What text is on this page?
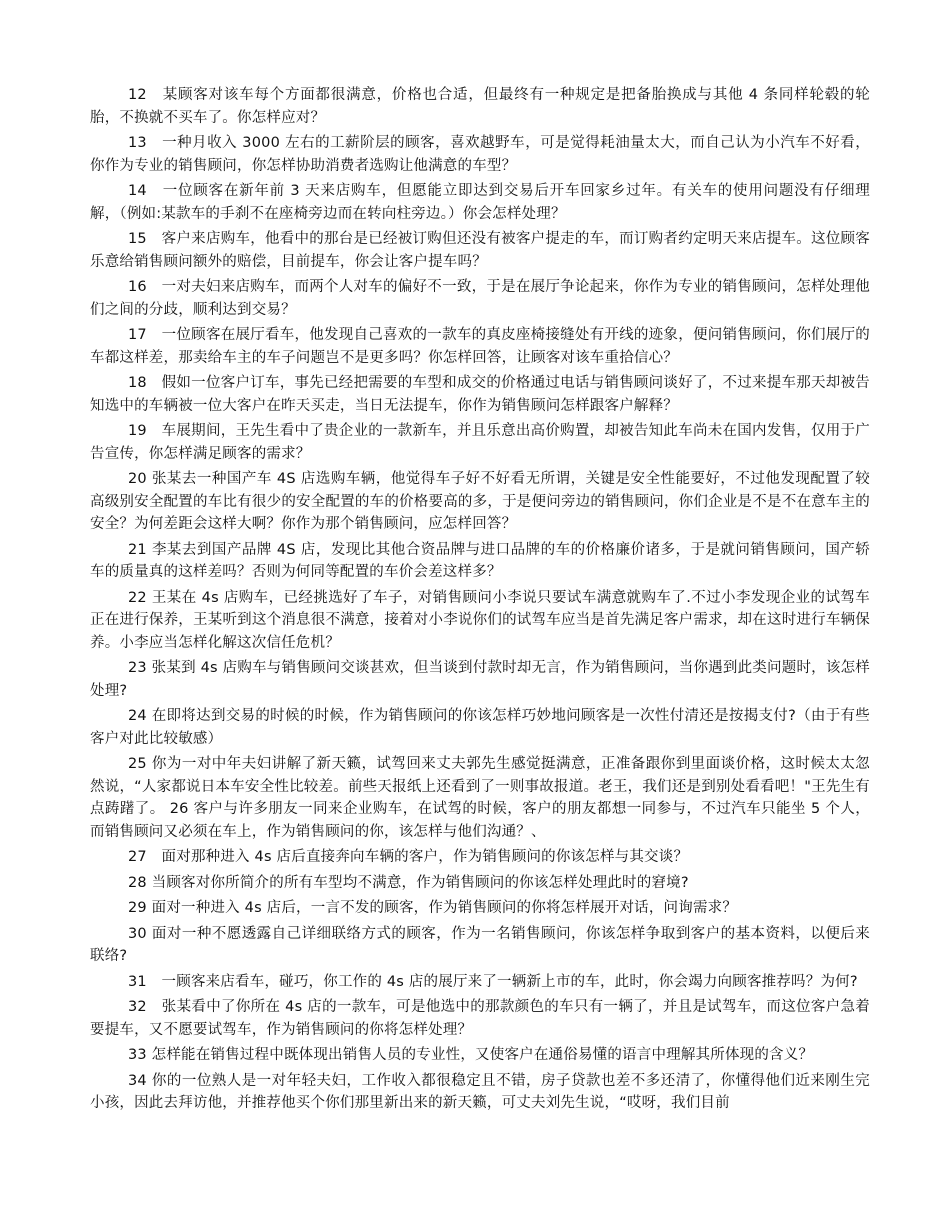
12　某顾客对该车每个方面都很满意，价格也合适，但最终有一种规定是把备胎换成与其他 4 条同样轮毂的轮胎，不换就不买车了。你怎样应对？

13　一种月收入 3000 左右的工薪阶层的顾客，喜欢越野车，可是觉得耗油量太大，而自己认为小汽车不好看，你作为专业的销售顾问，你怎样协助消费者选购让他满意的车型？

14　一位顾客在新年前 3 天来店购车，但愿能立即达到交易后开车回家乡过年。有关车的使用问题没有仔细理解，（例如:某款车的手刹不在座椅旁边而在转向柱旁边。）你会怎样处理？

15　客户来店购车，他看中的那台是已经被订购但还没有被客户提走的车，而订购者约定明天来店提车。这位顾客乐意给销售顾问额外的赔偿，目前提车，你会让客户提车吗？

16　一对夫妇来店购车，而两个人对车的偏好不一致，于是在展厅争论起来，你作为专业的销售顾问，怎样处理他们之间的分歧，顺利达到交易？

17　一位顾客在展厅看车，他发现自己喜欢的一款车的真皮座椅接缝处有开线的迹象，便问销售顾问，你们展厅的车都这样差，那卖给车主的车子问题岂不是更多吗？你怎样回答，让顾客对该车重拾信心？

18　假如一位客户订车，事先已经把需要的车型和成交的价格通过电话与销售顾问谈好了，不过来提车那天却被告知选中的车辆被一位大客户在昨天买走，当日无法提车，你作为销售顾问怎样跟客户解释？

19　车展期间，王先生看中了贵企业的一款新车，并且乐意出高价购置，却被告知此车尚未在国内发售，仅用于广告宣传，你怎样满足顾客的需求？

20 张某去一种国产车 4S 店选购车辆，他觉得车子好不好看无所谓，关键是安全性能要好，不过他发现配置了较高级别安全配置的车比有很少的安全配置的车的价格要高的多，于是便问旁边的销售顾问，你们企业是不是不在意车主的安全？为何差距会这样大啊？你作为那个销售顾问，应怎样回答？

21 李某去到国产品牌 4S 店，发现比其他合资品牌与进口品牌的车的价格廉价诸多，于是就问销售顾问，国产轿车的质量真的这样差吗？否则为何同等配置的车价会差这样多？

22 王某在 4s 店购车，已经挑选好了车子，对销售顾问小李说只要试车满意就购车了.不过小李发现企业的试驾车正在进行保养，王某听到这个消息很不满意，接着对小李说你们的试驾车应当是首先满足客户需求，却在这时进行车辆保养。小李应当怎样化解这次信任危机？

23 张某到 4s 店购车与销售顾问交谈甚欢，但当谈到付款时却无言，作为销售顾问，当你遇到此类问题时，该怎样处理?

24 在即将达到交易的时候的时候，作为销售顾问的你该怎样巧妙地问顾客是一次性付清还是按揭支付?（由于有些客户对此比较敏感）

25 你为一对中年夫妇讲解了新天籁，试驾回来丈夫郭先生感觉挺满意，正准备跟你到里面谈价格，这时候太太忽然说，“人家都说日本车安全性比较差。前些天报纸上还看到了一则事故报道。老王，我们还是到别处看看吧！"王先生有点踌躇了。 26 客户与许多朋友一同来企业购车，在试驾的时候，客户的朋友都想一同参与，不过汽车只能坐 5 个人，而销售顾问又必须在车上，作为销售顾问的你，该怎样与他们沟通？、

27　面对那种进入 4s 店后直接奔向车辆的客户，作为销售顾问的你该怎样与其交谈？

28 当顾客对你所简介的所有车型均不满意，作为销售顾问的你该怎样处理此时的窘境?

29 面对一种进入 4s 店后，一言不发的顾客，作为销售顾问的你将怎样展开对话，问询需求？

30 面对一种不愿透露自己详细联络方式的顾客，作为一名销售顾问，你该怎样争取到客户的基本资料，以便后来联络?

31　一顾客来店看车，碰巧，你工作的 4s 店的展厅来了一辆新上市的车，此时，你会竭力向顾客推荐吗？为何?

32　张某看中了你所在 4s 店的一款车，可是他选中的那款颜色的车只有一辆了，并且是试驾车，而这位客户急着要提车，又不愿要试驾车，作为销售顾问的你将怎样处理？

33 怎样能在销售过程中既体现出销售人员的专业性，又使客户在通俗易懂的语言中理解其所体现的含义？

34 你的一位熟人是一对年轻夫妇，工作收入都很稳定且不错，房子贷款也差不多还清了，你懂得他们近来刚生完小孩，因此去拜访他，并推荐他买个你们那里新出来的新天籁，可丈夫刘先生说，“哎呀，我们目前
